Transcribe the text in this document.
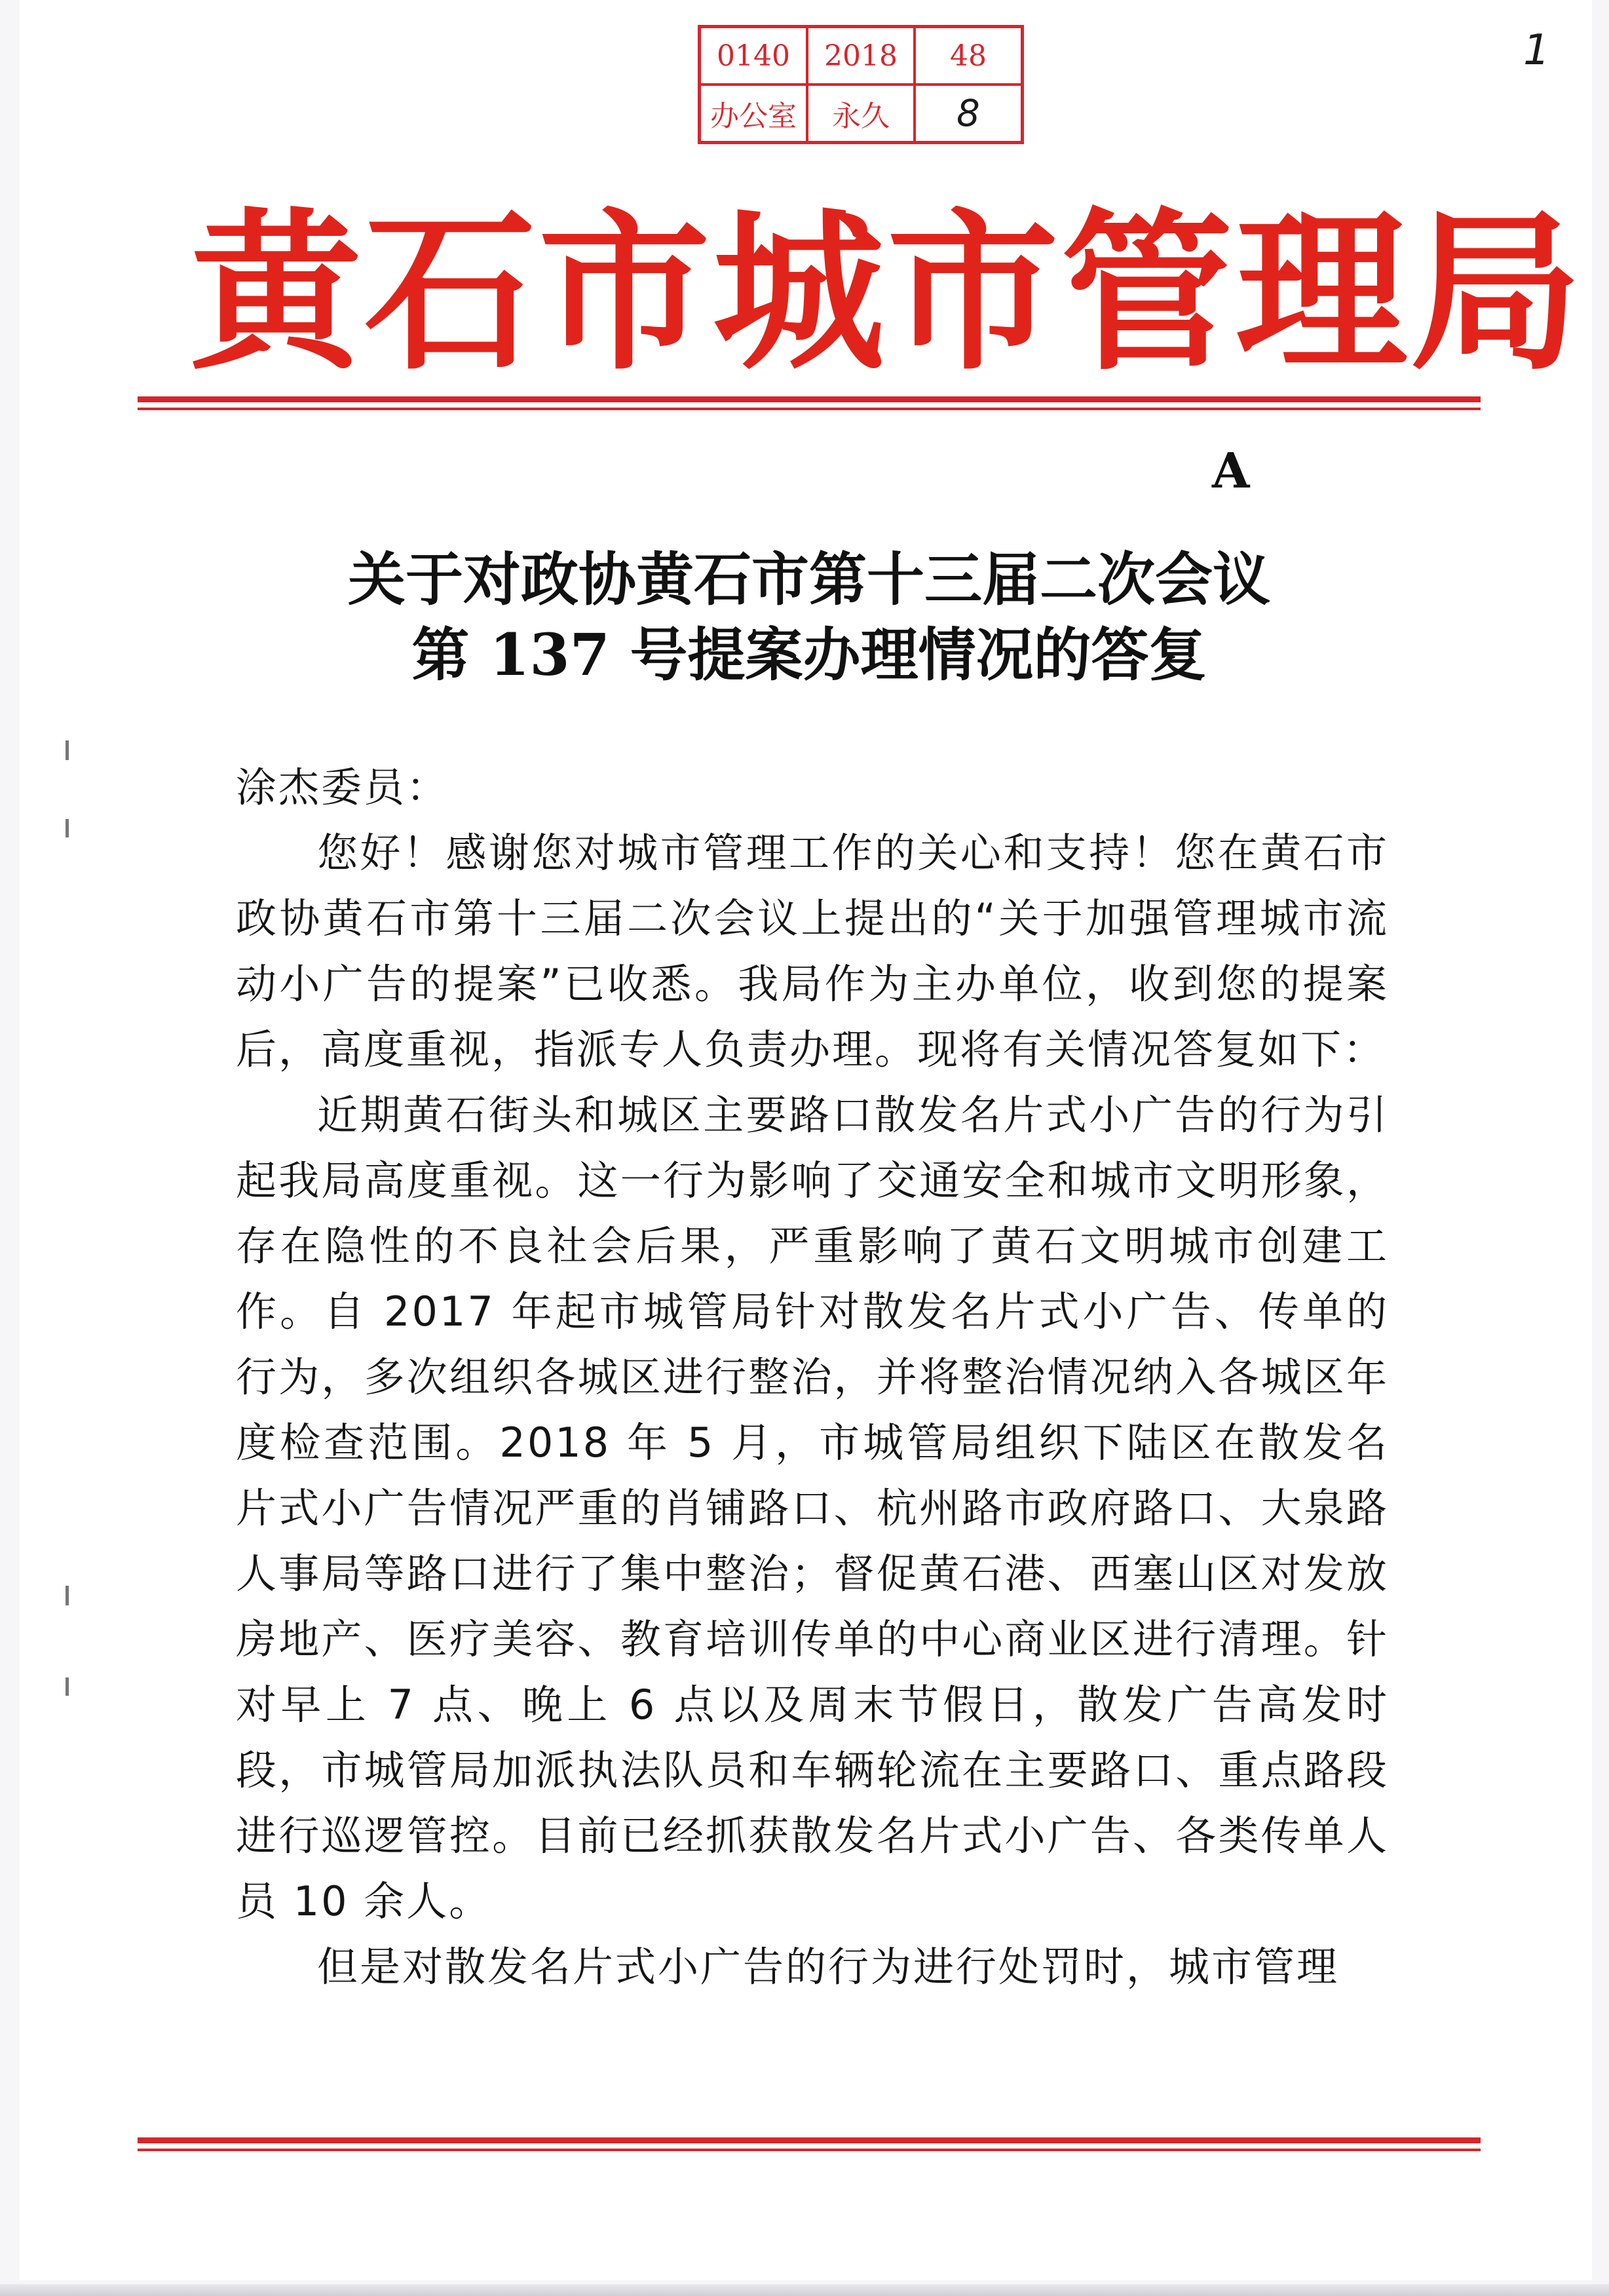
0140	2018	48
办公室	永久	8
1
黄石市城市管理局
A
关于对政协黄石市第十三届二次会议
第 137 号提案办理情况的答复

涂杰委员：

您好！感谢您对城市管理工作的关心和支持！您在黄石市政协黄石市第十三届二次会议上提出的“关于加强管理城市流动小广告的提案”已收悉。我局作为主办单位，收到您的提案后，高度重视，指派专人负责办理。现将有关情况答复如下：

近期黄石街头和城区主要路口散发名片式小广告的行为引起我局高度重视。这一行为影响了交通安全和城市文明形象，存在隐性的不良社会后果，严重影响了黄石文明城市创建工作。自 2017 年起市城管局针对散发名片式小广告、传单的行为，多次组织各城区进行整治，并将整治情况纳入各城区年度检查范围。2018 年 5 月，市城管局组织下陆区在散发名片式小广告情况严重的肖铺路口、杭州路市政府路口、大泉路人事局等路口进行了集中整治；督促黄石港、西塞山区对发放房地产、医疗美容、教育培训传单的中心商业区进行清理。针对早上 7 点、晚上 6 点以及周末节假日，散发广告高发时段，市城管局加派执法队员和车辆轮流在主要路口、重点路段进行巡逻管控。目前已经抓获散发名片式小广告、各类传单人员 10 余人。

但是对散发名片式小广告的行为进行处罚时，城市管理
